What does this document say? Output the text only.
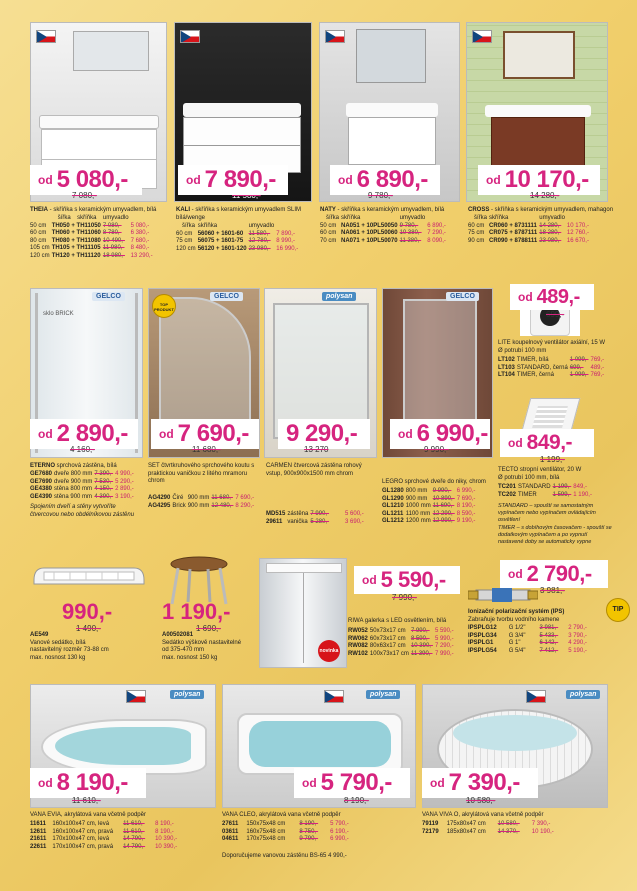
od 5 080,-
7 080,-
od 7 890,-
11 580,-
od 6 890,-
9 780,-
od 10 170,-
14 280,-
THEIA - skříňka s keramickým umyvadlem, bílá
	šířka	skříňka	umyvadlo	
50 cm	TH050 + TH11050		7 080,-	5 080,-
60 cm	TH060 + TH11060		8 780,-	6 380,-
80 cm	TH080 + TH11080		10 490,-	7 680,-
105 cm	TH105 + TH11105		11 980,-	8 480,-
120 cm	TH120 + TH11120		18 980,-	13 290,-
KALI - skříňka s keramickým umyvadlem SLIM bílá/wenge
šířka	skříňka	umyvadlo	
60 cm	56060 + 1601-60	11 580,-	7 890,-
75 cm	56075 + 1601-75	12 780,-	8 990,-
120 cm	56120 + 1601-120	23 980,-	16 990,-
NATY - skříňka s keramickým umyvadlem, bílá
šířka	skříňka	umyvadlo	
50 cm	NA051 + 10PL50050	9 780,-	6 890,-
60 cm	NA061 + 10PL50060	10 380,-	7 290,-
70 cm	NA071 + 10PL50070	11 380,-	8 090,-
CROSS - skříňka s keramickým umyvadlem, mahagon
šířka	skříňka	umyvadlo	
60 cm	CR060 + 8731111	14 280,-	10 170,-
75 cm	CR075 + 8787111	18 280,-	12 760,-
90 cm	CR090 + 8788111	23 080,-	16 670,-
sklo BRICK
GELCO	GELCO
TOP PRODUKT
polysan	GELCO
od 2 890,-
4 160,-
od 7 690,-
11 680,-
9 290,-
13 270
od 6 990,-
9 990,-
ETERNO sprchová zástěna, bílá
GE7680	dveře 800 mm	7 390,-	4 990,-
GE7690	dveře 900 mm	7 530,-	5 290,-
GE4380	stěna 800 mm	4 150,-	2 890,-
GE4390	stěna 900 mm	4 390,-	3 190,-
Spojením dveří a stěny vytvoříte čtvercovou nebo obdélníkovou zástěnu
SET čtvrtkruhového sprchového koutu s praktickou vaničkou z litého mramoru chrom
AG4290	Čiré	900 mm	11 680,-	7 690,-
AG4295	Brick	900 mm	12 480,-	8 290,-
CARMEN čtvercová zástěna rohový vstup, 900x900x1500 mm chrom
MD515	zástěna	7 990,-	5 600,-
29611	vanička	5 280,-	3 690,-
LEGRO sprchové dveře do niky, chrom
GL1280	800 mm	9 990,-	6 990,-
GL1290	900 mm	10 890,-	7 690,-
GL1210	1000 mm	11 690,-	8 190,-
GL1211	1100 mm	12 290,-	8 590,-
GL1212	1200 mm	12 990,-	9 190,-
od 489,-
699,-
LITE koupelnový ventilátor axiální, 15 W
Ø potrubí 100 mm
LT102	TIMER, bílá	1 099,-	769,-
LT103	STANDARD, černá	699,-	489,-
LT104	TIMER, černá	1 099,-	769,-
od 849,-
1 199,-
TECTO stropní ventilátor, 20 W
Ø potrubí 100 mm, bílá
TC201	STANDARD	1 199,-	849,-
TC202	TIMER	1 599,-	1 190,-
STANDARD – spouští se samostatným vypínačem nebo vypínačem ovládajícím osvětlení
TIMER – s dobíhovým časovačem - spouští se dodatkovým vypínačem a po vypnutí nastavené doby se automaticky vypne
990,-
1 490,-
AE549
Vanové sedátko, bílá
nastavitelný rozměr 73-88 cm
max. nosnost 130 kg
1 190,-
1 690,-
A00502081
Sedátko výškově nastavitelné
od 375-470 mm
max. nosnost 150 kg
novinka
od 5 590,-
7 990,-
RIWA galerka s LED osvětlením, bílá
RW052	50x73x17 cm	7 990,-	5 590,-
RW062	60x73x17 cm	8 590,-	5 990,-
RW082	80x63x17 cm	10 390,-	7 290,-
RW102	100x73x17 cm	11 390,-	7 990,-
od 2 790,-
3 981,-
TIP
Ionizační polarizační systém (IPS)
Zabraňuje tvorbu vodního kamene
IPSPLG12	G 1/2"	3 981,-	2 790,-
IPSPLG34	G 3/4"	5 433,-	3 790,-
IPSPLG1	G 1"	6 142,-	4 290,-
IPSPLG54	G 5/4"	7 412,-	5 190,-
polysan	polysan	polysan
od 8 190,-
11 610,-
od 5 790,-
8 190,-
od 7 390,-
10 580,-
VANA EVIA, akrylátová vana včetně podpěr
11611	160x100x47 cm, levá	11 610,-	8 190,-
12611	160x100x47 cm, pravá	11 610,-	8 190,-
21611	170x100x47 cm, levá	14 790,-	10 390,-
22611	170x100x47 cm, pravá	14 790,-	10 390,-
VANA CLEO, akrylátová vana včetně podpěr
27611	150x75x48 cm	8 190,-	5 790,-
03611	160x75x48 cm	8 750,-	6 190,-
04611	170x75x48 cm	9 790,-	6 990,-
Doporučujeme vanovou zástěnu BS-65 4 990,-
VANA VIVA O, akrylátová vana včetně podpěr
79119	175x80x47 cm	10 580,-	7 390,-
72179	185x80x47 cm	14 370,-	10 190,-
